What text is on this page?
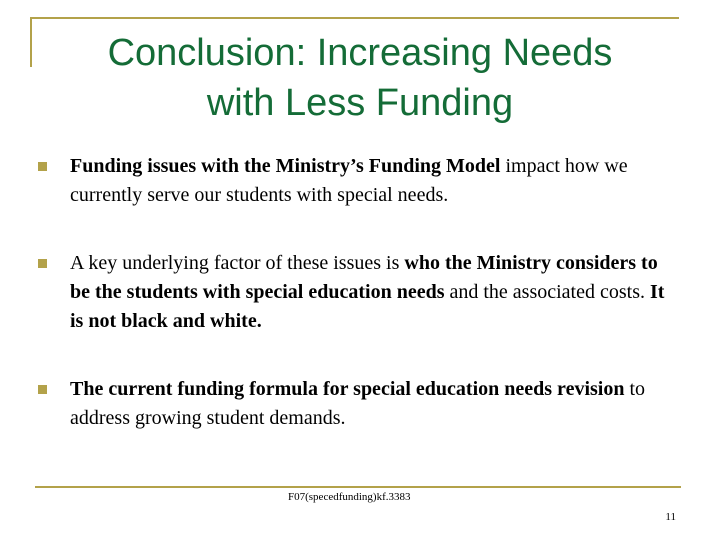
Conclusion: Increasing Needs
with Less Funding
Funding issues with the Ministry’s Funding Model impact how we currently serve our students with special needs.
A key underlying factor of these issues is who the Ministry considers to be the students with special education needs and the associated costs. It is not black and white.
The current funding formula for special education needs revision to address growing student demands.
F07(specedfunding)kf.3383
11
